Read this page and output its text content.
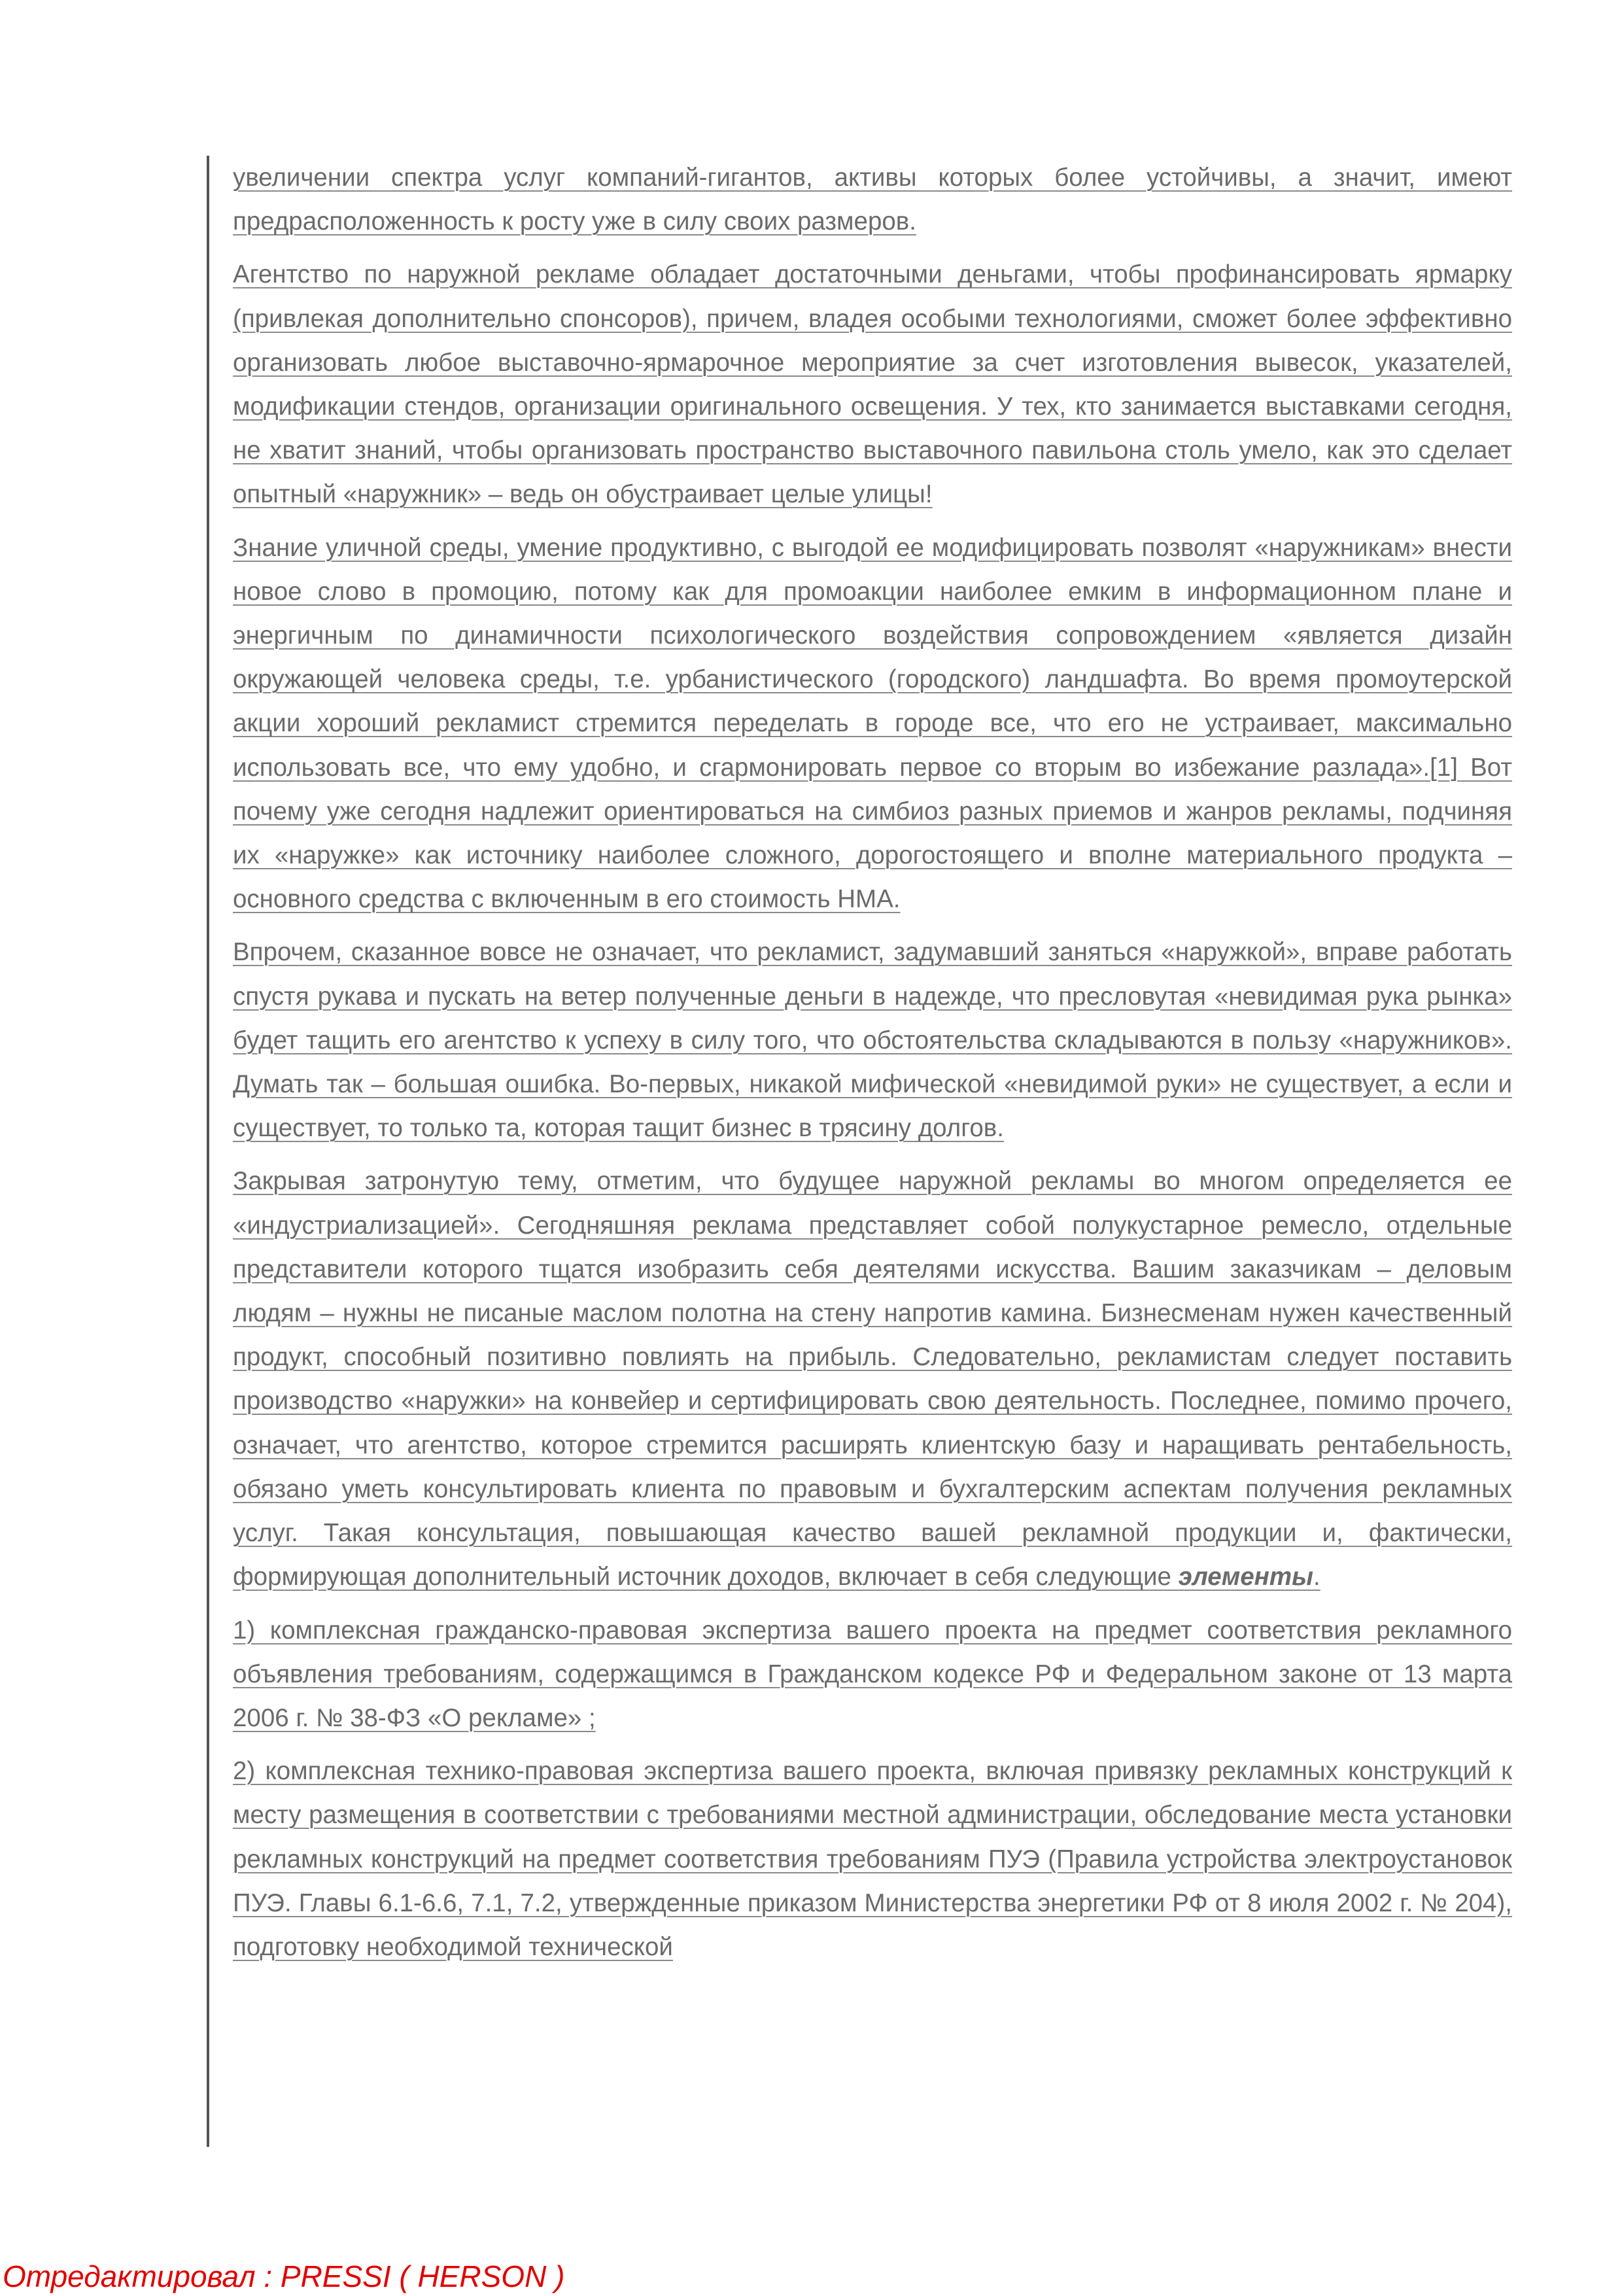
увеличении спектра услуг компаний-гигантов, активы которых более устойчивы, а значит, имеют предрасположенность к росту уже в силу своих размеров.

Агентство по наружной рекламе обладает достаточными деньгами, чтобы профинансировать ярмарку (привлекая дополнительно спонсоров), причем, владея особыми технологиями, сможет более эффективно организовать любое выставочно-ярмарочное мероприятие за счет изготовления вывесок, указателей, модификации стендов, организации оригинального освещения. У тех, кто занимается выставками сегодня, не хватит знаний, чтобы организовать пространство выставочного павильона столь умело, как это сделает опытный «наружник» – ведь он обустраивает целые улицы!

Знание уличной среды, умение продуктивно, с выгодой ее модифицировать позволят «наружникам» внести новое слово в промоцию, потому как для промоакции наиболее емким в информационном плане и энергичным по динамичности психологического воздействия сопровождением «является дизайн окружающей человека среды, т.е. урбанистического (городского) ландшафта. Во время промоутерской акции хороший рекламист стремится переделать в городе все, что его не устраивает, максимально использовать все, что ему удобно, и сгармонировать первое со вторым во избежание разлада».[1] Вот почему уже сегодня надлежит ориентироваться на симбиоз разных приемов и жанров рекламы, подчиняя их «наружке» как источнику наиболее сложного, дорогостоящего и вполне материального продукта – основного средства с включенным в его стоимость НМА.

Впрочем, сказанное вовсе не означает, что рекламист, задумавший заняться «наружкой», вправе работать спустя рукава и пускать на ветер полученные деньги в надежде, что пресловутая «невидимая рука рынка» будет тащить его агентство к успеху в силу того, что обстоятельства складываются в пользу «наружников». Думать так – большая ошибка. Во-первых, никакой мифической «невидимой руки» не существует, а если и существует, то только та, которая тащит бизнес в трясину долгов.

Закрывая затронутую тему, отметим, что будущее наружной рекламы во многом определяется ее «индустриализацией». Сегодняшняя реклама представляет собой полукустарное ремесло, отдельные представители которого тщатся изобразить себя деятелями искусства. Вашим заказчикам – деловым людям – нужны не писаные маслом полотна на стену напротив камина. Бизнесменам нужен качественный продукт, способный позитивно повлиять на прибыль. Следовательно, рекламистам следует поставить производство «наружки» на конвейер и сертифицировать свою деятельность. Последнее, помимо прочего, означает, что агентство, которое стремится расширять клиентскую базу и наращивать рентабельность, обязано уметь консультировать клиента по правовым и бухгалтерским аспектам получения рекламных услуг. Такая консультация, повышающая качество вашей рекламной продукции и, фактически, формирующая дополнительный источник доходов, включает в себя следующие элементы.

1) комплексная гражданско-правовая экспертиза вашего проекта на предмет соответствия рекламного объявления требованиям, содержащимся в Гражданском кодексе РФ и Федеральном законе от 13 марта 2006 г. № 38-ФЗ «О рекламе» ;

2) комплексная технико-правовая экспертиза вашего проекта, включая привязку рекламных конструкций к месту размещения в соответствии с требованиями местной администрации, обследование места установки рекламных конструкций на предмет соответствия требованиям ПУЭ (Правила устройства электроустановок ПУЭ. Главы 6.1-6.6, 7.1, 7.2, утвержденные приказом Министерства энергетики РФ от 8 июля 2002 г. № 204), подготовку необходимой технической

Отредактировал : PRESSI ( HERSON )
